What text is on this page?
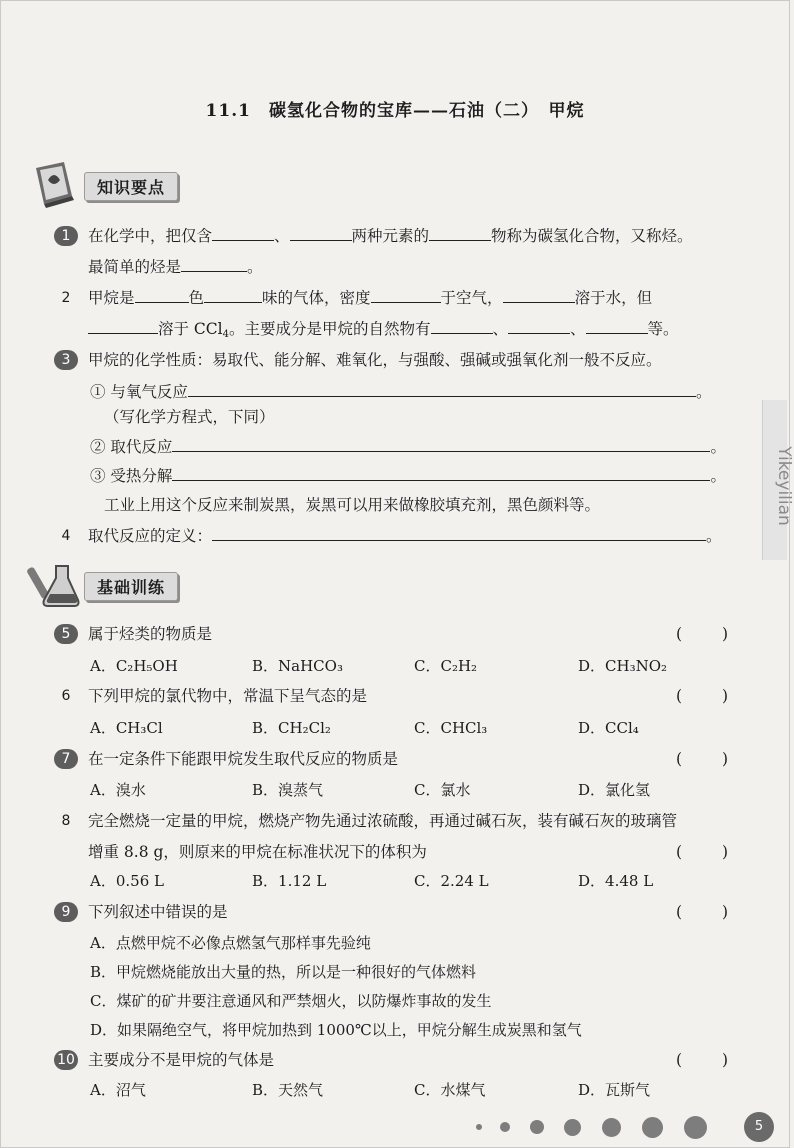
11.1　碳氢化合物的宝库——石油（二）　甲烷
知识要点
1	在化学中，把仅含	、	两种元素的	物称为碳氢化合物，又称烃。
最简单的烃是	。
2	甲烷是	色	味的气体，密度	于空气，	溶于水，但
溶于 CCl$_4$。主要成分是甲烷的自然物有	、	、	等。
3	甲烷的化学性质：易取代、能分解、难氧化，与强酸、强碱或强氧化剂一般不反应。
① 与氧气反应	。
（写化学方程式，下同）
② 取代反应	。
③ 受热分解	。
工业上用这个反应来制炭黑，炭黑可以用来做橡胶填充剂，黑色颜料等。
4	取代反应的定义：	。
基础训练
5	属于烃类的物质是	(	)
A．C₂H₅OH	B．NaHCO₃	C．C₂H₂	D．CH₃NO₂
6	下列甲烷的氯代物中，常温下呈气态的是	(	)
A．CH₃Cl	B．CH₂Cl₂	C．CHCl₃	D．CCl₄
7	在一定条件下能跟甲烷发生取代反应的物质是	(	)
A．溴水	B．溴蒸气	C．氯水	D．氯化氢
8	完全燃烧一定量的甲烷，燃烧产物先通过浓硫酸，再通过碱石灰，装有碱石灰的玻璃管
增重 8.8 g，则原来的甲烷在标准状况下的体积为	(	)
A．0.56 L	B．1.12 L	C．2.24 L	D．4.48 L
9	下列叙述中错误的是	(	)
A．点燃甲烷不必像点燃氢气那样事先验纯
B．甲烷燃烧能放出大量的热，所以是一种很好的气体燃料
C．煤矿的矿井要注意通风和严禁烟火，以防爆炸事故的发生
D．如果隔绝空气，将甲烷加热到 1000℃以上，甲烷分解生成炭黑和氢气
10 主要成分不是甲烷的气体是	(	)
A．沼气	B．天然气	C．水煤气	D．瓦斯气
Yikeyilian
5
